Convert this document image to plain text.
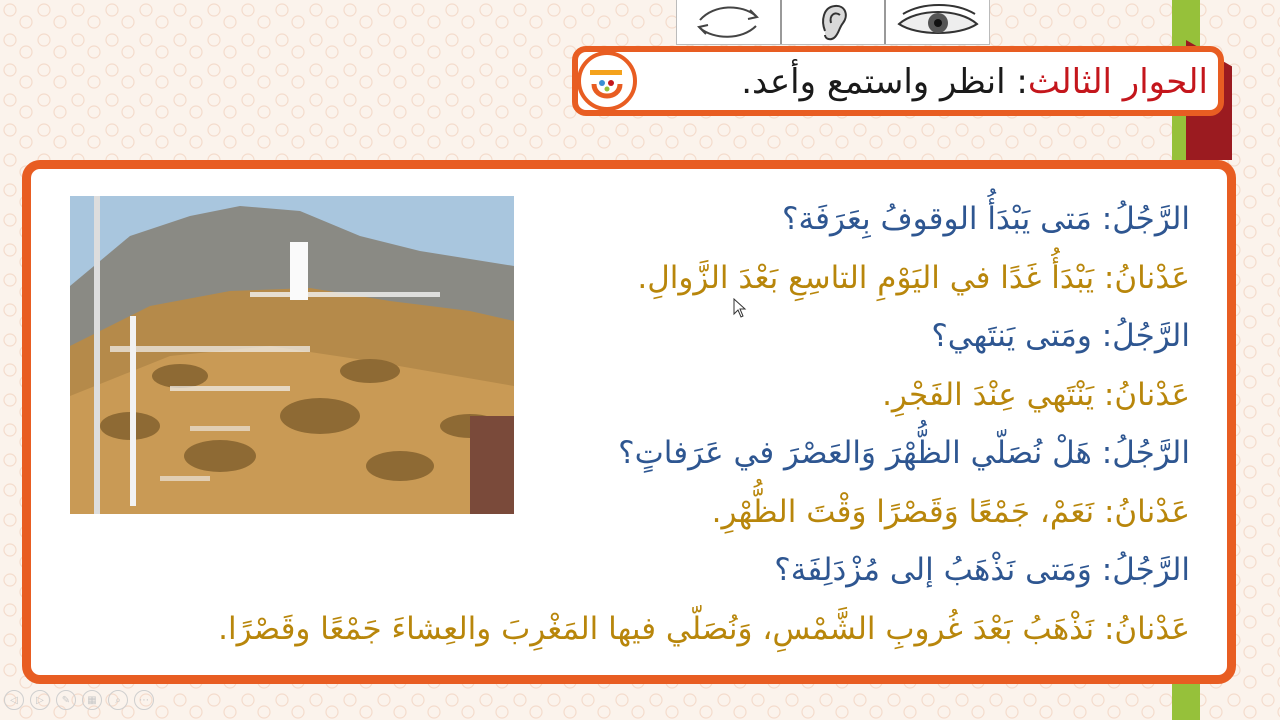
الحوار الثالث: انظر واستمع وأعد.
الرَّجُلُ: مَتى يَبْدَأُ الوقوفُ بِعَرَفَة؟
عَدْنانُ: يَبْدَأُ غَدًا في اليَوْمِ التاسِعِ بَعْدَ الزَّوالِ.
الرَّجُلُ: ومَتى يَنتَهي؟
عَدْنانُ: يَنْتَهي عِنْدَ الفَجْرِ.
الرَّجُلُ: هَلْ نُصَلّي الظُّهْرَ وَالعَصْرَ في عَرَفاتٍ؟
عَدْنانُ: نَعَمْ، جَمْعًا وَقَصْرًا وَقْتَ الظُّهْرِ.
الرَّجُلُ: وَمَتى نَذْهَبُ إلى مُزْدَلِفَة؟
عَدْنانُ: نَذْهَبُ بَعْدَ غُروبِ الشَّمْسِ، وَنُصَلّي فيها المَغْرِبَ والعِشاءَ جَمْعًا وقَصْرًا.
◁	▷	✎	▦	⌕	⋯
